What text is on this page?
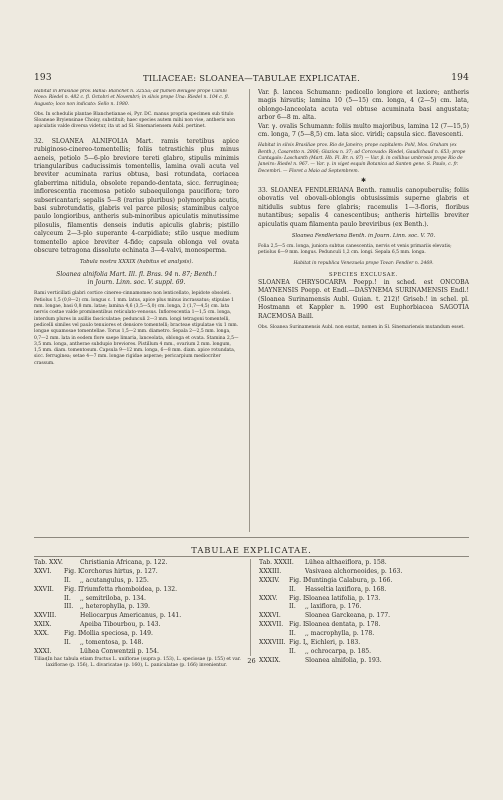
193	TILIACEAE: SLOANEA—TABULAE EXPLICATAE.	194

Habitat in Brasiliae prov. Bahia: Blanchet n. 3255a; ad flumen Belugee prope Cumbi Novo: Riedel n. 482 c. fl. Octobri et Novembri; in silvis prope Una: Riedel n. 104 c. fl. Augusto; loco non indicato: Sello n. 1980.

Obs. In schedulis plantae Blanchetianae ei, Pyr. DC. manus propria specimen sub titulo Sloaneae Bryiensinae Choisy, substituit; haec species autem mihi non vise, antheris non apiculatis valde diversa videtur, ita ut ad Sl. Sinemariensem Aubl. pertinet.

32. SLOANEA ALNIFOLIA Mart. ramis teretibus apice rubiginoso-cinereo-tomentellis; foliis tetrastichis plus minus aeneis, petiolo 5—6-plo breviore tereti glabro, stipulis minimis triangularibus caducissimis tomentellis, lamina ovali acuta vel breviter acuminata rarius obtusa, basi rotundata, coriacea glaberrima nitidula, obsolete repando-dentata, sicc. ferruginea; inflorescentia racemosa petiolo subaequilonga pauciflora; toro subsericantari; sepalis 5—8 (rarius pluribus) polymorphis acutis, basi subrotundatis, glabris vel parce pilosis; staminibus calyce paulo longioribus, antheris sub-minoribus apiculatis minutissime pilosulis, filamentis denseis indutis apiculis glabris; pistillo calyceum 2—3-plo superante 4-carpidiate; stilo usque medium tomentello apice breviter 4-fido; capsula oblonga vel ovata obscure tetragona dissolute echinata 3—4-valvi, monosperma.

Tabula nostra XXXIX (habitus et analysis).

Sloanea alnifolia Mart. Ill. fl. Bras. 94 n. 87; Benth.!

in Journ. Linn. soc. V. suppl. 69.

Rami verticillati glabri cortice cinereo-cinnamomeo non lenticellato, lepidote obsoleti. Petiolus 1,5 (0,8—2) cm. longus c. 1 mm. latus, apice plus minus incrassatus; stipulae 1 mm. longae, basi 0,8 mm. latae; lamina 4,6 (3,5—5,0) cm. longa, 2 (1,7—4,5) cm. lata nervis costae valde prominentibus reticulato-venosus. Inflorescentia 1—1,5 cm. longa, interdum plures in axillis fasciculatae; pedunculi 2—3 mm. longi tetragoni tomentelli, pedicelli similes vel paulo tenuiores et densiore tomentelli; bracteae stipulatae vix 1 mm. longae squamosae tomentellae. Torus 1,5—2 mm. diametro. Sepala 2—2,5 mm. longa, 0,7—2 mm. lata in eodem flore saepe limaria, lanceolata, oblonga et ovata. Stamina 2,5—3,5 mm. longa, antherae subdupio breviores. Pistillum 4 mm., ovarium 2 mm. longum, 1,5 mm. diam. tomentosum. Capsula 9—12 mm. longa, 6—8 mm. diam. apice rotundata, sicc. ferruginea; setae 4—7 mm. longae rigidae asperae; pericarpium mediocriter crassum.

Var. β. lancea Schumann: pedicello longiore et laxiore; antheris magis hirsutis; lamina 10 (5—15) cm. longa, 4 (2—5) cm. lata, oblongo-lanceolata acuta vel obtuse acuminata basi angustata; arbor 6—8 m. alta.

Var. γ. ovalis Schumann: foliis multo majoribus, lamina 12 (7—15,5) cm. longa, 7 (5—8,5) cm. lata sicc. viridi; capsula sicc. flavescenti.

Habitat in silvis Brasiliae prov. Rio de Janeiro; prope capitalem: Pohl, Mos. Graham (ex Benth.), Casaretto n. 2806; Glaziou n. 37; ad Corcovado: Riedel, Gaudichaud n. 653; prope Cantagalo: Laschanth (Mart. Hb. Fl. Br. n. 87) — Var. β. in collibus umbrosis prope Rio de Janeiro: Riedel n. 967. — Var. γ. in viget esquin Botanica ad Santen gene. S. Paulo, c. fr. Decembri. — Floret a Maio ad Septembrem.

✱

33. SLOANEA FENDLERIANA Benth. ramulis canopuberulis; foliis obovatis vel obovali-oblongis obtusissimis superne glabris et nitidulis subtus fere glabris; racemulis 1—3-floris, floribus nutantibus; sepalis 4 canescentibus; antheris hirtellis breviter apiculatis quam filamenta paulo breviribus (ex Benth.).

Sloanea Fendleriana Benth. in Journ. Linn. soc. V. 70.

Folia 2,5—5 cm. longa, juniora subtus canescentia, nervis et venis primariis elevatis; petiolus 6—9 mm. longus. Pedunculi 1,2 cm. longi. Sepala 6,5 mm. longa.

Habitat in republica Venezuela prope Tovar: Fendler n. 2469.

SPECIES EXCLUSAE.

SLOANEA CHRYSOCARPA Poepp.! in sched. est ONCOBA MAYNENSIS Poepp. et Endl.—DASYNEMA SURINAMENSIS Endl.! (Sloanea Surinamensis Aubl. Guian. t. 212)! Griseb.! in schel. pl. Hostmann et Kappler n. 1990 est Euphorbiacea SAGOTIA RACEMOSA Baill.

Obs. Sloanea Surinamensis Aubl. non exstat, nomen in Sl. Sinemariensis mutandum esset.

TABULAE EXPLICATAE.
Tab. XXV.	Christiania Africana, p. 122.
XXVI. Fig. I.Corchorus hirtus, p. 127.
II. ,, acutangulus, p. 125.
XXVII. Fig. I.Triumfetta rhomboidea, p. 132.
II. ,, semitriloba, p. 134.
III. ,, heterophylla, p. 139.
XXVIII.	Heliocarpus Americanus, p. 141.
XXIX.	Apeiba Tibourbou, p. 143.
XXX. Fig. I.Mollia speciosa, p. 149.
II. ,, tomentosa, p. 148.
XXXI.	Lühea Conwentzii p. 154.

(In hac tabula etiam fructus L. uniflorae (supra p. 153), L. speciosae (p. 155) et var. laxiflorae (p. 156), L. divaricatae (p. 160), L. paniculatae (p. 166) invenientur.

Tab. XXXII. Lühea althaeiflora, p. 158.
XXXIII.	Vasivaea alchorneoides, p. 163.
XXXIV. Fig. I.Muntingia Calabura, p. 166.
II. Hasseltia laxiflora, p. 168.
XXXV. Fig. I.Sloanea latifolia, p. 173.
II. ,, laxiflora, p. 176.
XXXVI.	Sloanea Garckeana, p. 177.
XXXVII. Fig. I.Sloanea dentata, p. 178.
II. ,, macrophylla, p. 178.
XXXVIII. Fig. I.,, Eichleri, p. 183.
II. ,, ochrocarpa, p. 185.
XXXIX.	Sloanea alnifolia, p. 193.
Tiliac.	26
